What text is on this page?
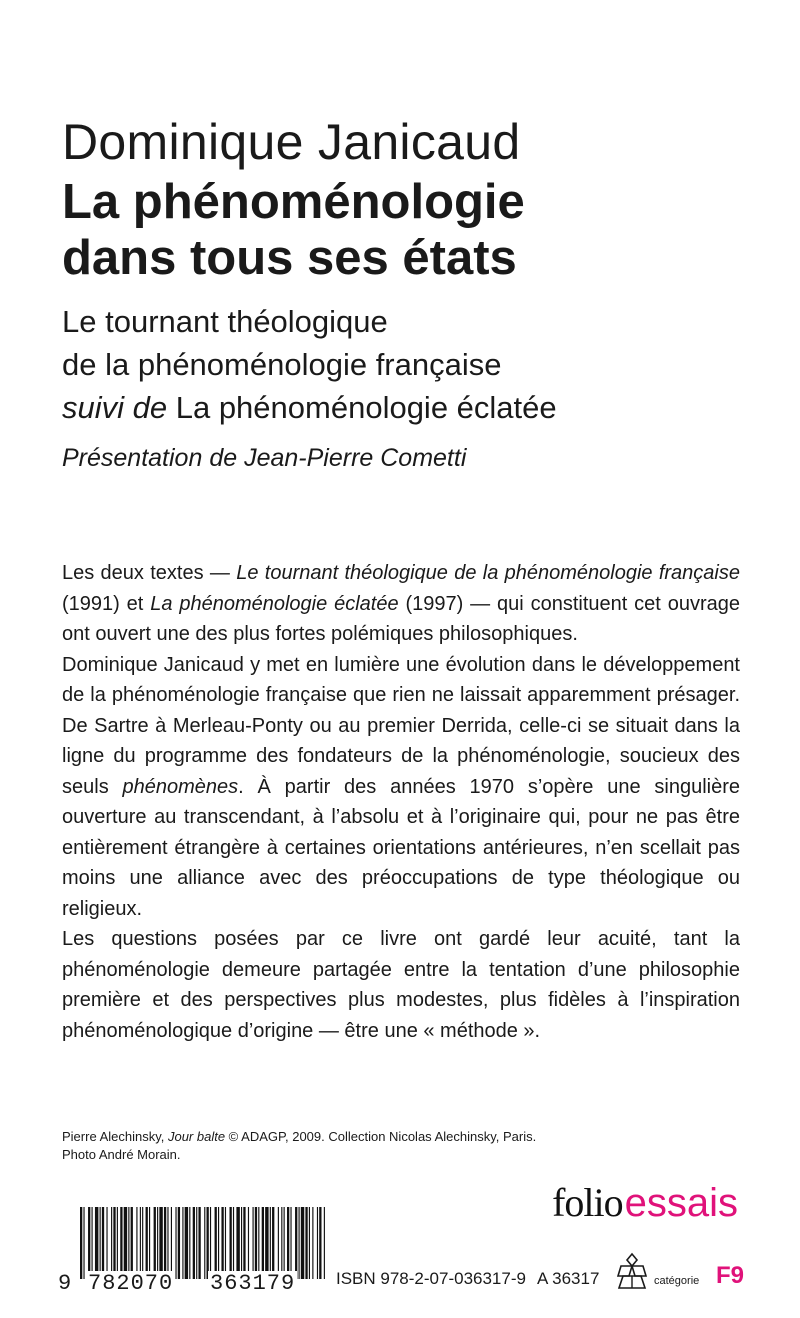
Dominique Janicaud
La phénoménologie
dans tous ses états
Le tournant théologique
de la phénoménologie française
suivi de La phénoménologie éclatée
Présentation de Jean-Pierre Cometti

Les deux textes — Le tournant théologique de la phénoménologie française (1991) et La phénoménologie éclatée (1997) — qui constituent cet ouvrage ont ouvert une des plus fortes polémiques philosophiques.

Dominique Janicaud y met en lumière une évolution dans le développement de la phénoménologie française que rien ne laissait apparemment présager. De Sartre à Merleau-Ponty ou au premier Derrida, celle-ci se situait dans la ligne du programme des fondateurs de la phénoménologie, soucieux des seuls phénomènes. À partir des années 1970 s’opère une singulière ouverture au transcendant, à l’absolu et à l’originaire qui, pour ne pas être entièrement étrangère à certaines orientations antérieures, n’en scellait pas moins une alliance avec des préoccupations de type théologique ou religieux.

Les questions posées par ce livre ont gardé leur acuité, tant la phénoménologie demeure partagée entre la tentation d’une philosophie première et des perspectives plus modestes, plus fidèles à l’inspiration phénoménologique d’origine — être une « méthode ».

Pierre Alechinsky, Jour balte © ADAGP, 2009. Collection Nicolas Alechinsky, Paris.
Photo André Morain.
folioessais
9 782070 363179 ISBN 978-2-07-036317-9 A 36317	catégorie F9
